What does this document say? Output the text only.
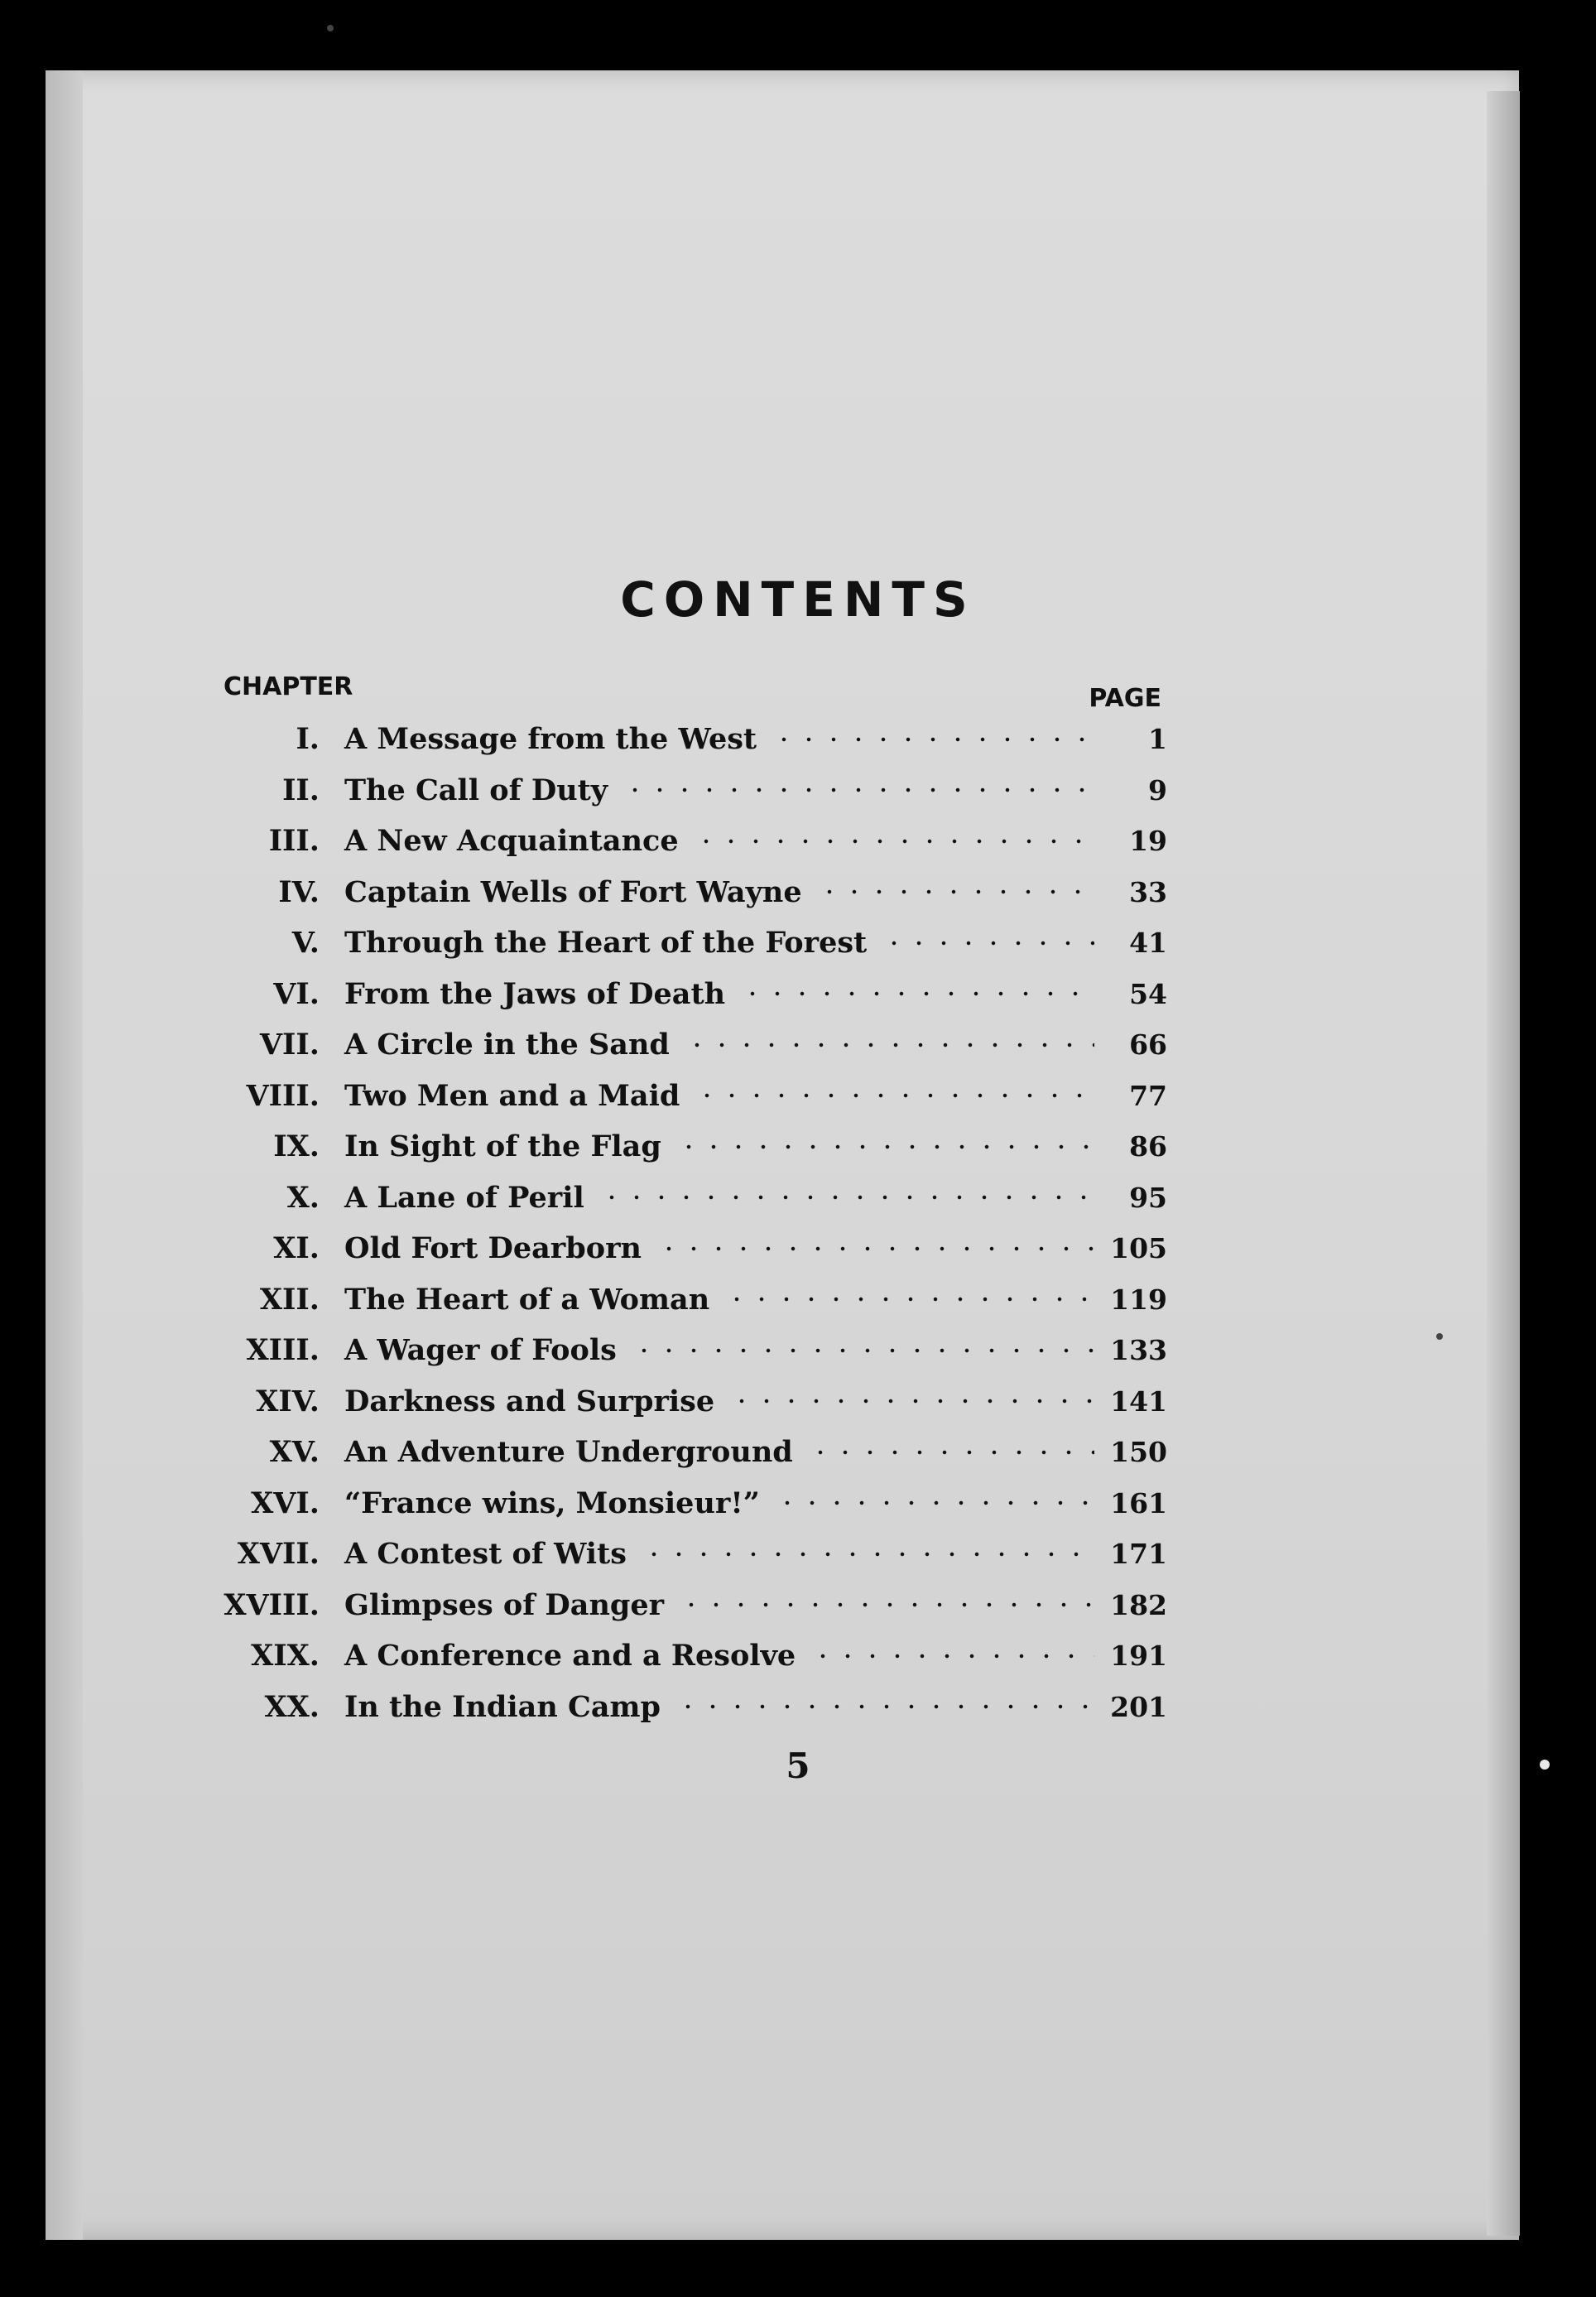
CONTENTS
CHAPTER	PAGE
I. A Message from the West	1
II. The Call of Duty	9
III. A New Acquaintance	19
IV. Captain Wells of Fort Wayne	33
V. Through the Heart of the Forest	41
VI. From the Jaws of Death	54
VII. A Circle in the Sand	66
VIII. Two Men and a Maid	77
IX. In Sight of the Flag	86
X. A Lane of Peril	95
XI. Old Fort Dearborn	105
XII. The Heart of a Woman	119
XIII. A Wager of Fools	133
XIV. Darkness and Surprise	141
XV. An Adventure Underground	150
XVI. “France wins, Monsieur!”	161
XVII. A Contest of Wits	171
XVIII. Glimpses of Danger	182
XIX. A Conference and a Resolve	191
XX. In the Indian Camp	201
5
